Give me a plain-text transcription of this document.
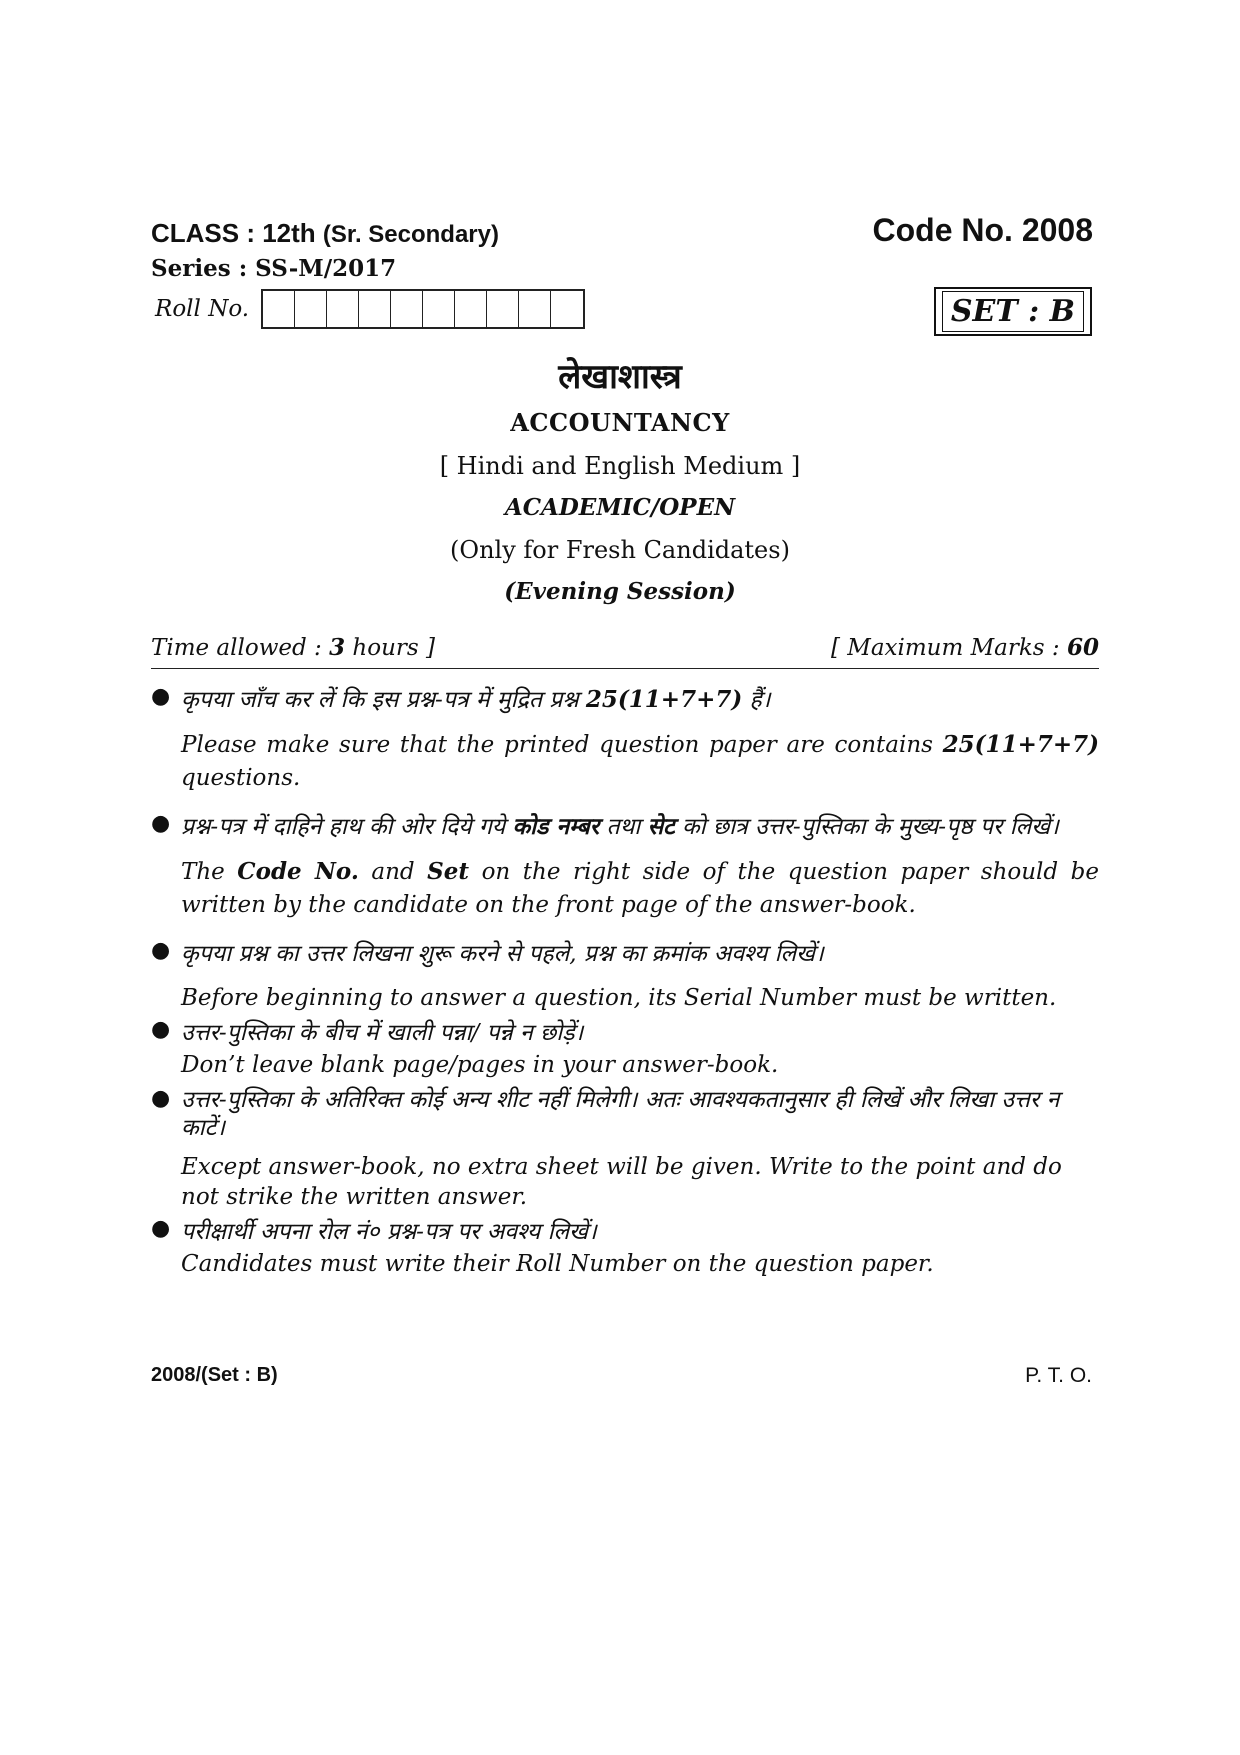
CLASS : 12th (Sr. Secondary)	Code No. 2008
Series : SS-M/2017
Roll No.	SET : B
लेखाशास्त्र
ACCOUNTANCY
[ Hindi and English Medium ]
ACADEMIC/OPEN
(Only for Fresh Candidates)
(Evening Session)
Time allowed : 3 hours ]	[ Maximum Marks : 60
● कृपया जाँच कर लें कि इस प्रश्न-पत्र में मुद्रित प्रश्न 25(11+7+7) हैं।
Please make sure that the printed question paper are contains 25(11+7+7) questions.
● प्रश्न-पत्र में दाहिने हाथ की ओर दिये गये कोड नम्बर तथा सेट को छात्र उत्तर-पुस्तिका के मुख्य-पृष्ठ पर लिखें।
The Code No. and Set on the right side of the question paper should be written by the candidate on the front page of the answer-book.
● कृपया प्रश्न का उत्तर लिखना शुरू करने से पहले, प्रश्न का क्रमांक अवश्य लिखें।
Before beginning to answer a question, its Serial Number must be written.
● उत्तर-पुस्तिका के बीच में खाली पन्ना/ पन्ने न छोड़ें।
Don’t leave blank page/pages in your answer-book.
● उत्तर-पुस्तिका के अतिरिक्त कोई अन्य शीट नहीं मिलेगी। अतः आवश्यकतानुसार ही लिखें और लिखा उत्तर न काटें।
Except answer-book, no extra sheet will be given. Write to the point and do not strike the written answer.
● परीक्षार्थी अपना रोल नं० प्रश्न-पत्र पर अवश्य लिखें।
Candidates must write their Roll Number on the question paper.
2008/(Set : B)	P. T. O.
